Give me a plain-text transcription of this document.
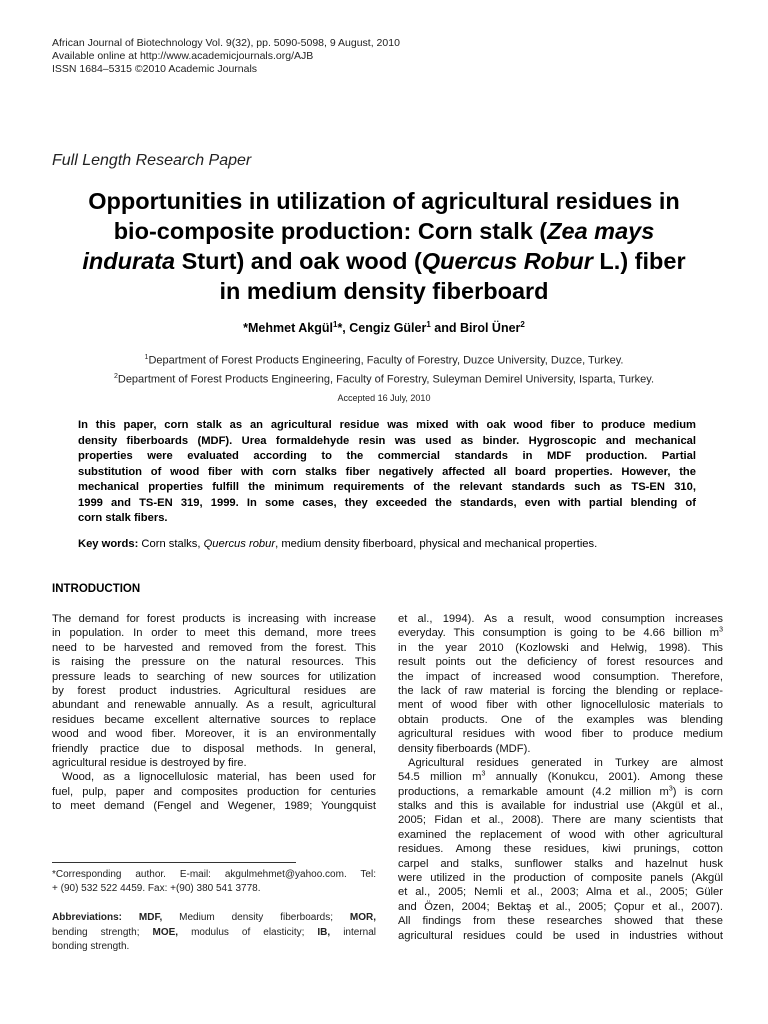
African Journal of Biotechnology Vol. 9(32), pp. 5090-5098, 9 August, 2010
Available online at http://www.academicjournals.org/AJB
ISSN 1684–5315 ©2010 Academic Journals
Full Length Research Paper
Opportunities in utilization of agricultural residues in
bio-composite production: Corn stalk (Zea mays
indurata Sturt) and oak wood (Quercus Robur L.) fiber
in medium density fiberboard
*Mehmet Akgül$^1$*, Cengiz Güler$^1$ and Birol Üner$^2$
$^1$Department of Forest Products Engineering, Faculty of Forestry, Duzce University, Duzce, Turkey.
$^2$Department of Forest Products Engineering, Faculty of Forestry, Suleyman Demirel University, Isparta, Turkey.
Accepted 16 July, 2010
In this paper, corn stalk as an agricultural residue was mixed with oak wood fiber to produce medium
density fiberboards (MDF). Urea formaldehyde resin was used as binder. Hygroscopic and mechanical
properties were evaluated according to the commercial standards in MDF production. Partial
substitution of wood fiber with corn stalks fiber negatively affected all board properties. However, the
mechanical properties fulfill the minimum requirements of the relevant standards such as TS-EN 310,
1999 and TS-EN 319, 1999. In some cases, they exceeded the standards, even with partial blending of
corn stalk fibers.
Key words: Corn stalks, Quercus robur, medium density fiberboard, physical and mechanical properties.
INTRODUCTION
The demand for forest products is increasing with increase
in population. In order to meet this demand, more trees
need to be harvested and removed from the forest. This
is raising the pressure on the natural resources. This
pressure leads to searching of new sources for utilization
by forest product industries. Agricultural residues are
abundant and renewable annually. As a result, agricultural
residues became excellent alternative sources to replace
wood and wood fiber. Moreover, it is an environmentally
friendly practice due to disposal methods. In general,
agricultural residue is destroyed by fire.
Wood, as a lignocellulosic material, has been used for
fuel, pulp, paper and composites production for centuries
to meet demand (Fengel and Wegener, 1989; Youngquist
et al., 1994). As a result, wood consumption increases
everyday. This consumption is going to be 4.66 billion $m^3$
in the year 2010 (Kozlowski and Helwig, 1998). This
result points out the deficiency of forest resources and
the impact of increased wood consumption. Therefore,
the lack of raw material is forcing the blending or replace-
ment of wood fiber with other lignocellulosic materials to
obtain products. One of the examples was blending
agricultural residues with wood fiber to produce medium
density fiberboards (MDF).
Agricultural residues generated in Turkey are almost
54.5 million $m^3$ annually (Konukcu, 2001). Among these
productions, a remarkable amount (4.2 million $m^3$) is corn
stalks and this is available for industrial use (Akgül et al.,
2005; Fidan et al., 2008). There are many scientists that
examined the replacement of wood with other agricultural
residues. Among these residues, kiwi prunings, cotton
carpel and stalks, sunflower stalks and hazelnut husk
were utilized in the production of composite panels (Akgül
et al., 2005; Nemli et al., 2003; Alma et al., 2005; Güler
and Özen, 2004; Bektaş et al., 2005; Çopur et al., 2007).
All findings from these researches showed that these
agricultural residues could be used in industries without
*Corresponding author. E-mail: akgulmehmet@yahoo.com. Tel:
+ (90) 532 522 4459. Fax: +(90) 380 541 3778.
Abbreviations: MDF, Medium density fiberboards; MOR,
bending strength; MOE, modulus of elasticity; IB, internal
bonding strength.
